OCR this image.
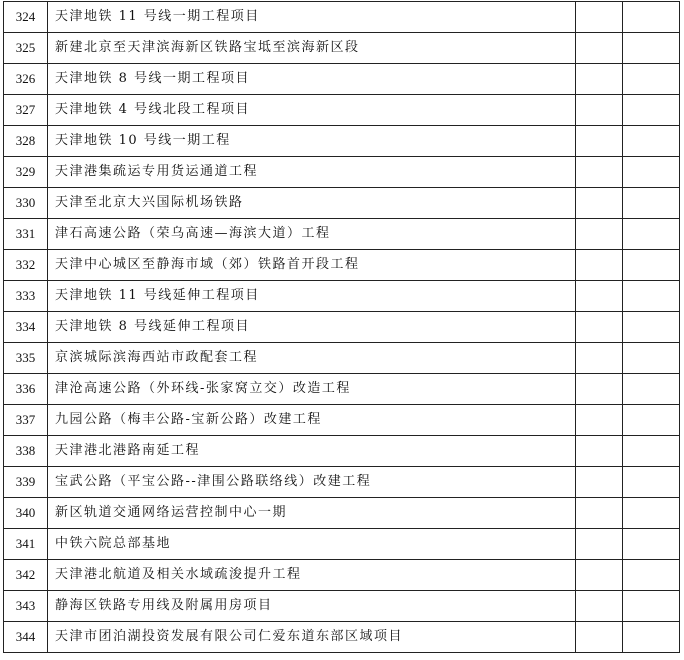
324	天津地铁 11 号线一期工程项目		
325	新建北京至天津滨海新区铁路宝坻至滨海新区段		
326	天津地铁 8 号线一期工程项目		
327	天津地铁 4 号线北段工程项目		
328	天津地铁 10 号线一期工程		
329	天津港集疏运专用货运通道工程		
330	天津至北京大兴国际机场铁路		
331	津石高速公路（荣乌高速—海滨大道）工程		
332	天津中心城区至静海市域（郊）铁路首开段工程		
333	天津地铁 11 号线延伸工程项目		
334	天津地铁 8 号线延伸工程项目		
335	京滨城际滨海西站市政配套工程		
336	津沧高速公路（外环线-张家窝立交）改造工程		
337	九园公路（梅丰公路-宝新公路）改建工程		
338	天津港北港路南延工程		
339	宝武公路（平宝公路--津围公路联络线）改建工程		
340	新区轨道交通网络运营控制中心一期		
341	中铁六院总部基地		
342	天津港北航道及相关水域疏浚提升工程		
343	静海区铁路专用线及附属用房项目		
344	天津市团泊湖投资发展有限公司仁爱东道东部区域项目		
